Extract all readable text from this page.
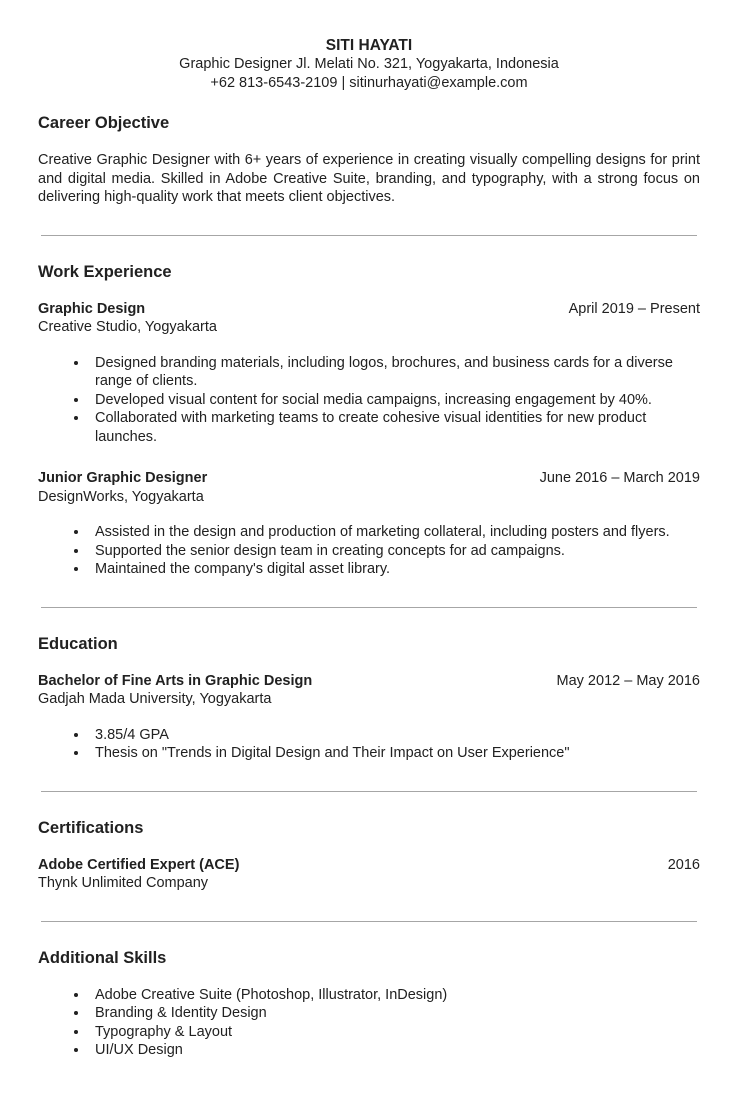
SITI HAYATI
Graphic Designer Jl. Melati No. 321, Yogyakarta, Indonesia
+62 813-6543-2109 | sitinurhayati@example.com
Career Objective

Creative Graphic Designer with 6+ years of experience in creating visually compelling designs for print and digital media. Skilled in Adobe Creative Suite, branding, and typography, with a strong focus on delivering high-quality work that meets client objectives.

Work Experience
Graphic Design	April 2019 – Present
Creative Studio, Yogyakarta
• Designed branding materials, including logos, brochures, and business cards for a diverse range of clients.
• Developed visual content for social media campaigns, increasing engagement by 40%.
• Collaborated with marketing teams to create cohesive visual identities for new product launches.
Junior Graphic Designer	June 2016 – March 2019
DesignWorks, Yogyakarta
• Assisted in the design and production of marketing collateral, including posters and flyers.
• Supported the senior design team in creating concepts for ad campaigns.
• Maintained the company's digital asset library.
Education
Bachelor of Fine Arts in Graphic Design	May 2012 – May 2016
Gadjah Mada University, Yogyakarta
• 3.85/4 GPA
• Thesis on "Trends in Digital Design and Their Impact on User Experience"
Certifications
Adobe Certified Expert (ACE)	2016
Thynk Unlimited Company
Additional Skills
• Adobe Creative Suite (Photoshop, Illustrator, InDesign)
• Branding & Identity Design
• Typography & Layout
• UI/UX Design
